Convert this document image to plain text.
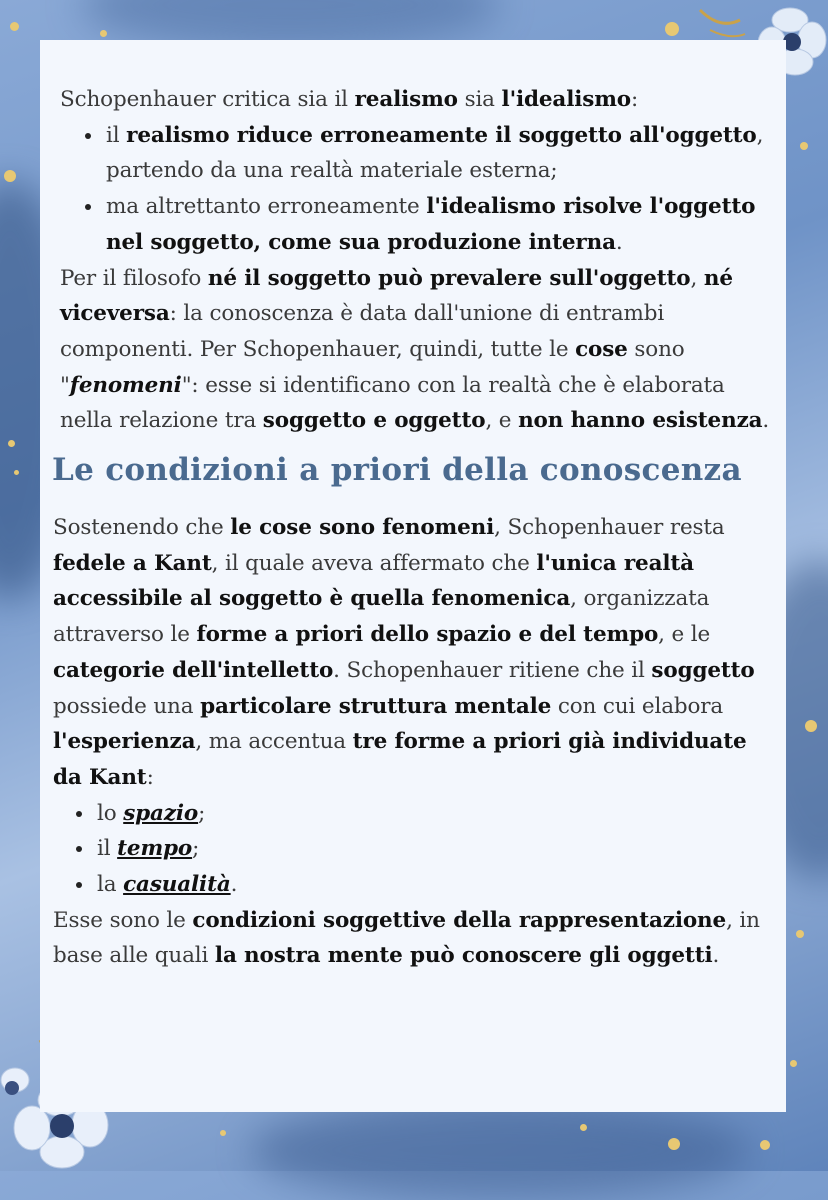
Schopenhauer critica sia il realismo sia l'idealismo:
• il realismo riduce erroneamente il soggetto all'oggetto, partendo da una realtà materiale esterna;
• ma altrettanto erroneamente l'idealismo risolve l'oggetto nel soggetto, come sua produzione interna.
Per il filosofo né il soggetto può prevalere sull'oggetto, né viceversa: la conoscenza è data dall'unione di entrambi componenti. Per Schopenhauer, quindi, tutte le cose sono "fenomeni": esse si identificano con la realtà che è elaborata nella relazione tra soggetto e oggetto, e non hanno esistenza.
Le condizioni a priori della conoscenza
Sostenendo che le cose sono fenomeni, Schopenhauer resta fedele a Kant, il quale aveva affermato che l'unica realtà accessibile al soggetto è quella fenomenica, organizzata attraverso le forme a priori dello spazio e del tempo, e le categorie dell'intelletto. Schopenhauer ritiene che il soggetto possiede una particolare struttura mentale con cui elabora l'esperienza, ma accentua tre forme a priori già individuate da Kant:
• lo spazio;
• il tempo;
• la casualità.
Esse sono le condizioni soggettive della rappresentazione, in base alle quali la nostra mente può conoscere gli oggetti.
